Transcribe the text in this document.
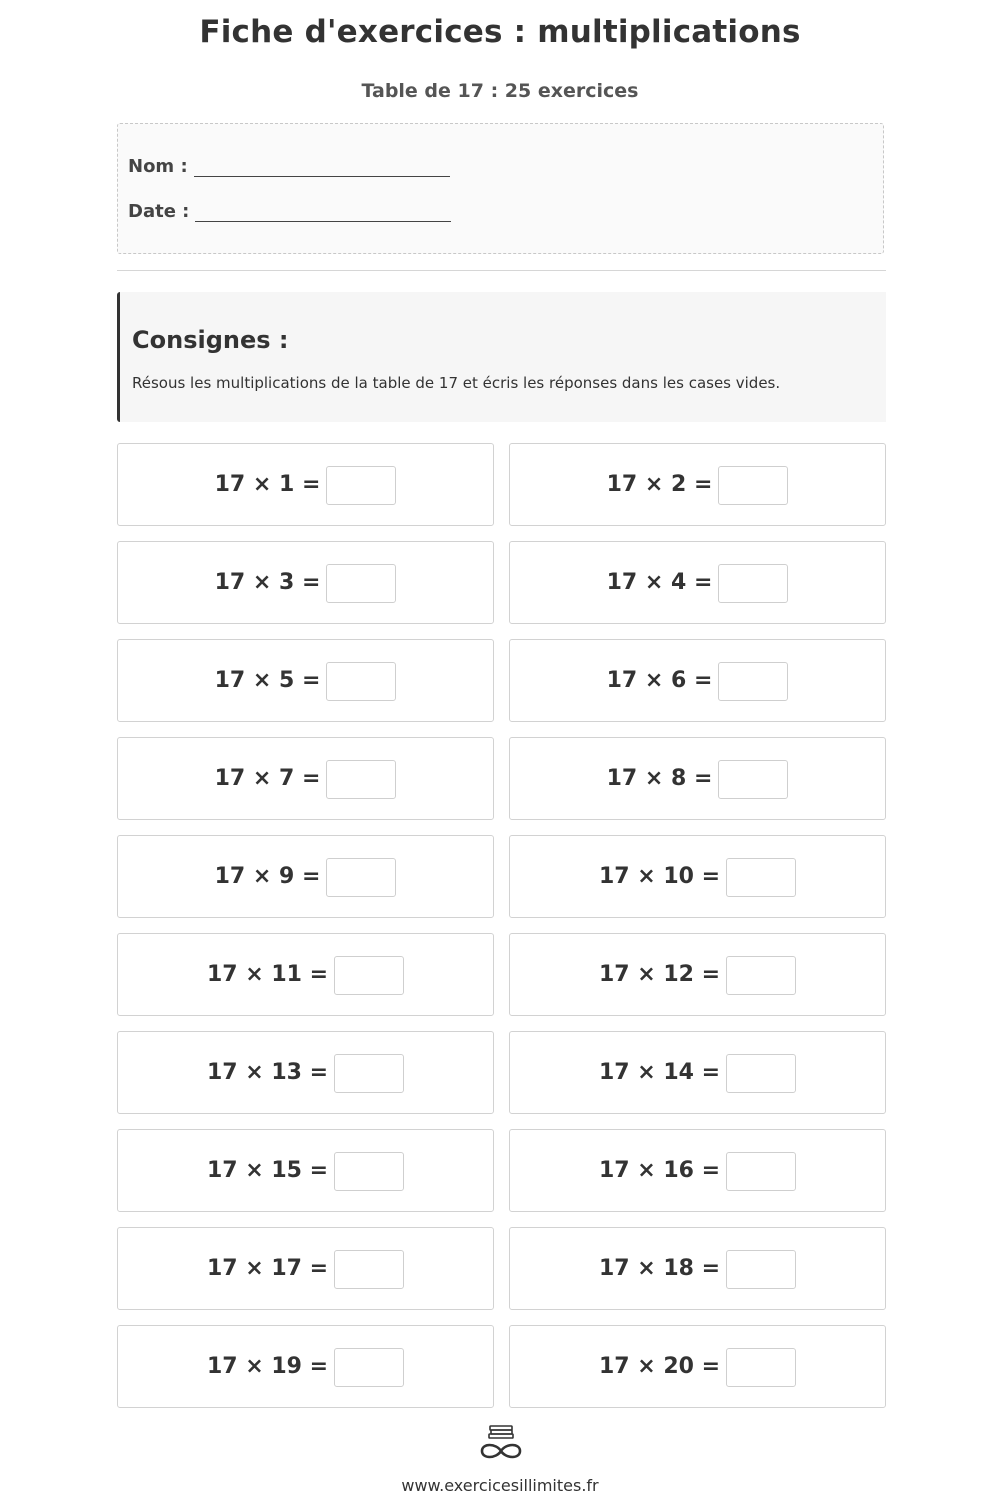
Fiche d'exercices : multiplications
Table de 17 : 25 exercices
Nom :
Date :
Consignes :
Résous les multiplications de la table de 17 et écris les réponses dans les cases vides.
17 × 1 =	17 × 2 =
17 × 3 =	17 × 4 =
17 × 5 =	17 × 6 =
17 × 7 =	17 × 8 =
17 × 9 =	17 × 10 =
17 × 11 =	17 × 12 =
17 × 13 =	17 × 14 =
17 × 15 =	17 × 16 =
17 × 17 =	17 × 18 =
17 × 19 =	17 × 20 =
www.exercicesillimites.fr
